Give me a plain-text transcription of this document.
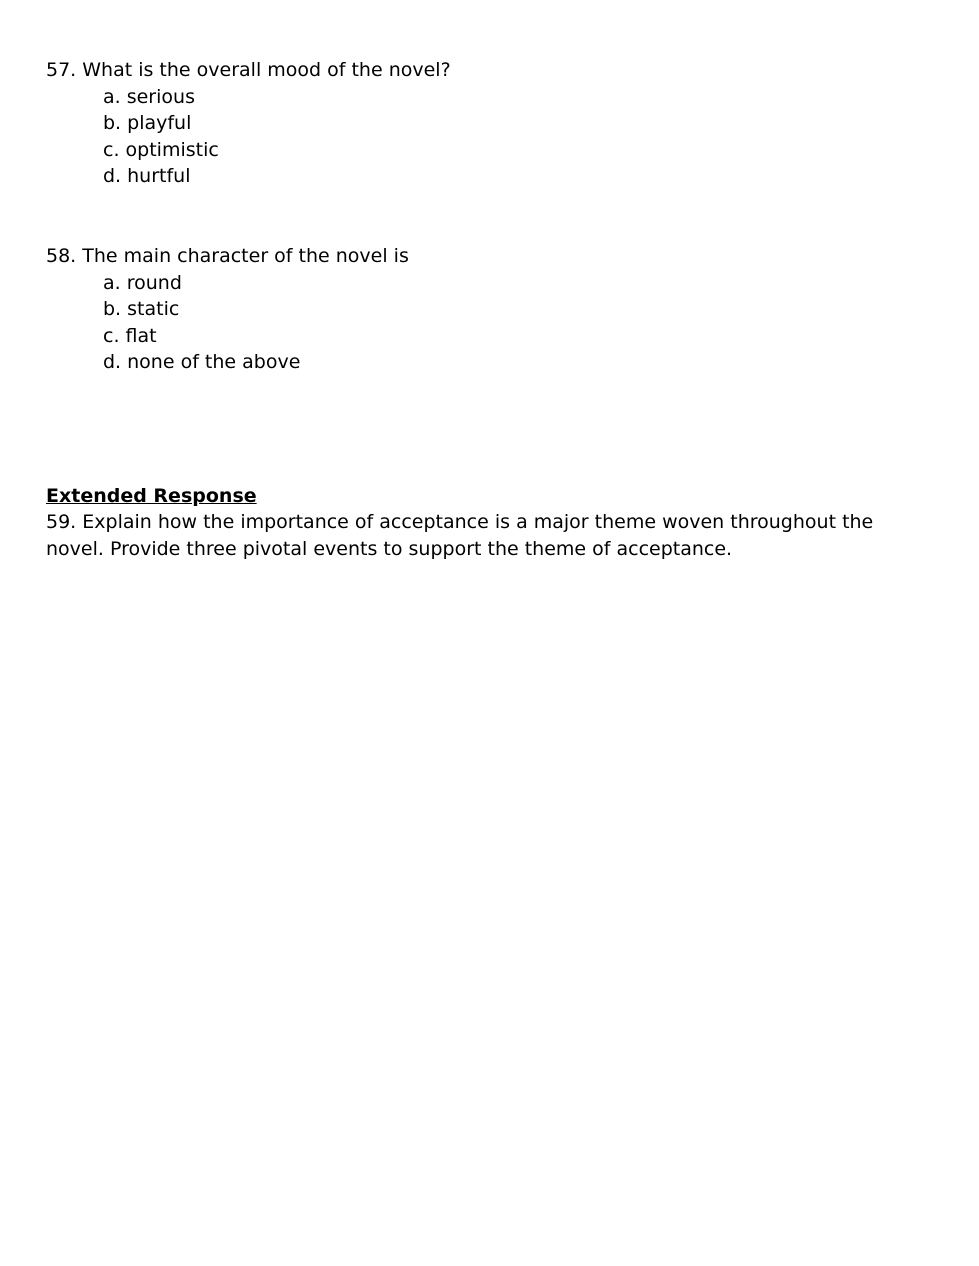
57. What is the overall mood of the novel?
a. serious
b. playful
c. optimistic
d. hurtful
58. The main character of the novel is
a. round
b. static
c. flat
d. none of the above
Extended Response
59. Explain how the importance of acceptance is a major theme woven throughout the novel. Provide three pivotal events to support the theme of acceptance.
